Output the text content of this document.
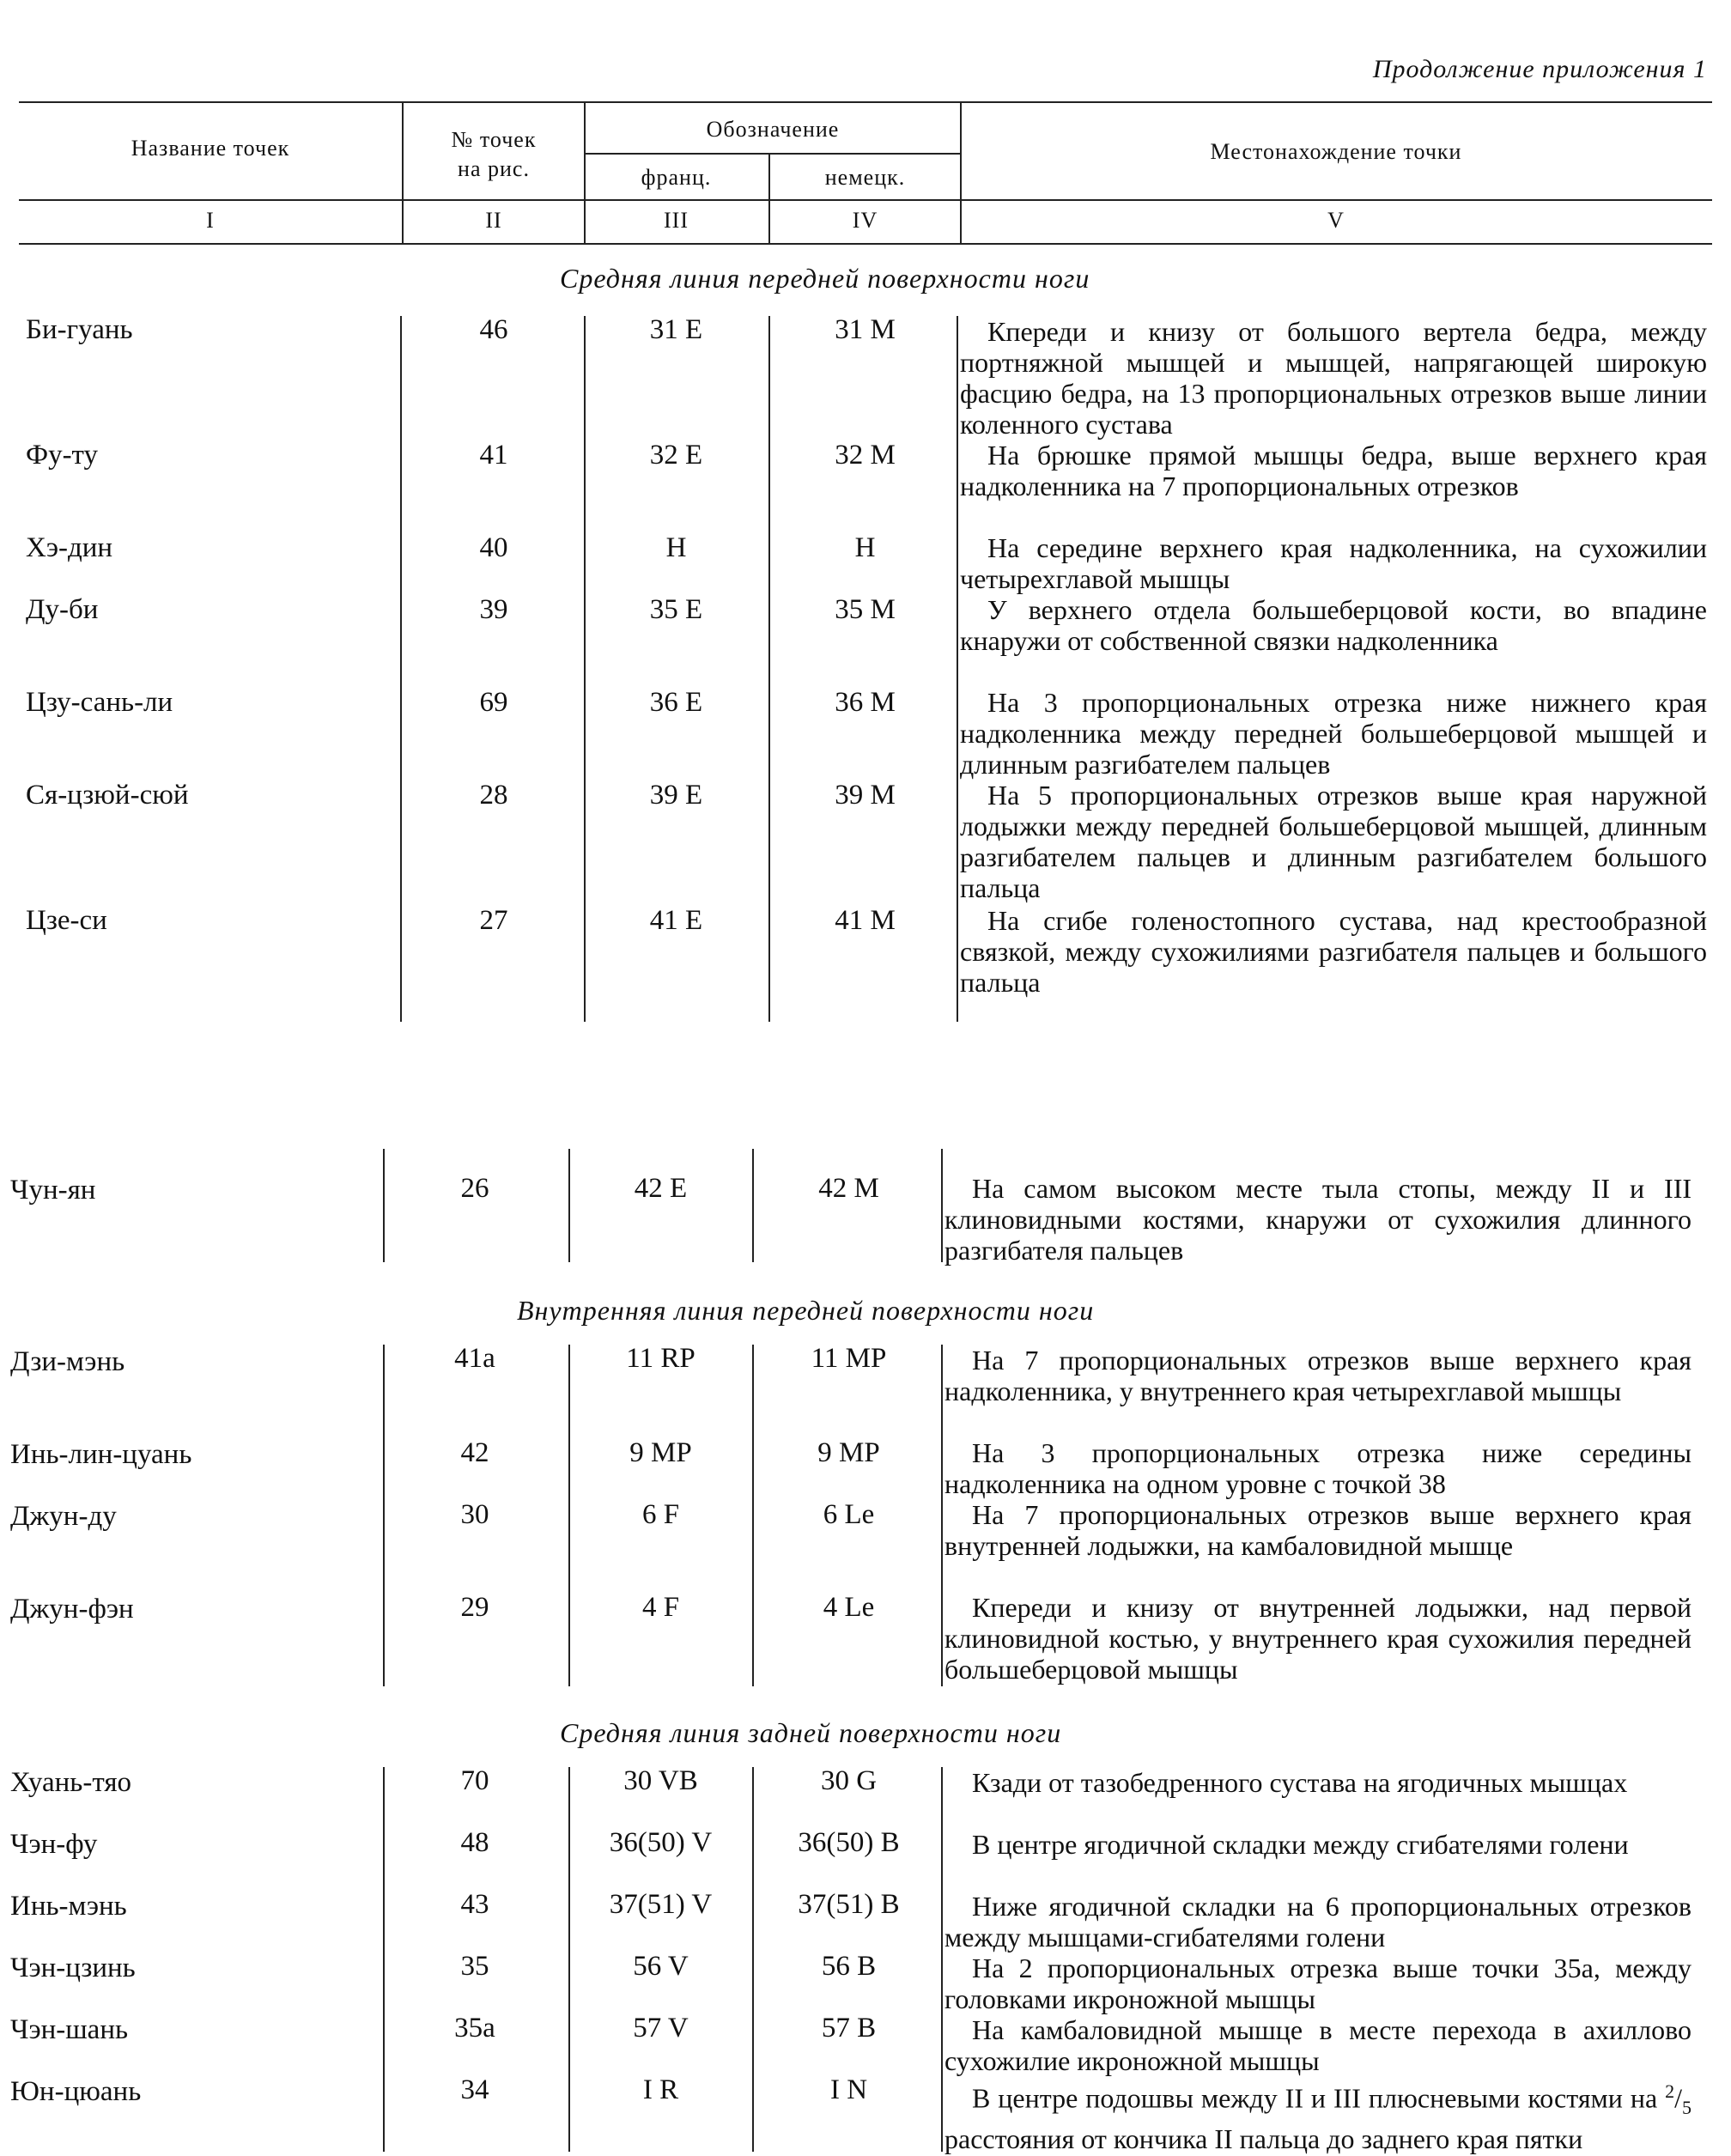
Продолжение приложения 1
Название точек	№ точек
на рис.
Обозначение
франц.	немецк.
Местонахождение точки
I	II	III	IV	V
Средняя линия передней поверхности ноги
Би-гуань	46	31 E	31 M	Кпереди и книзу от большого вертела бедра, между портняжной мышцей и мышцей, напрягающей широкую фасцию бедра, на 13 пропорциональных отрезков выше линии коленного сустава
Фу-ту	41	32 E	32 M	На брюшке прямой мышцы бедра, выше верхнего края надколенника на 7 пропорциональных отрезков
Хэ-дин	40	H	H	На середине верхнего края надколенника, на сухожилии четырехглавой мышцы
Ду-би	39	35 E	35 M	У верхнего отдела большеберцовой кости, во впадине кнаружи от собственной связки надколенника
Цзу-сань-ли	69	36 E	36 M	На 3 пропорциональных отрезка ниже нижнего края надколенника между передней большеберцовой мышцей и длинным разгибателем пальцев
Ся-цзюй-сюй	28	39 E	39 M	На 5 пропорциональных отрезков выше края наружной лодыжки между передней большеберцовой мышцей, длинным разгибателем пальцев и длинным разгибателем большого пальца
Цзе-си	27	41 E	41 M	На сгибе голеностопного сустава, над крестообразной связкой, между сухожилиями разгибателя пальцев и большого пальца
Чун-ян	26	42 E	42 M	На самом высоком месте тыла стопы, между II и III клиновидными костями, кнаружи от сухожилия длинного разгибателя пальцев
Внутренняя линия передней поверхности ноги
Дзи-мэнь	41а	11 RP	11 MP	На 7 пропорциональных отрезков выше верхнего края надколенника, у внутреннего края четырехглавой мышцы
Инь-лин-цуань	42	9 MP	9 MP	На 3 пропорциональных отрезка ниже середины надколенника на одном уровне с точкой 38
Джун-ду	30	6 F	6 Le	На 7 пропорциональных отрезков выше верхнего края внутренней лодыжки, на камбаловидной мышце
Джун-фэн	29	4 F	4 Le	Кпереди и книзу от внутренней лодыжки, над первой клиновидной костью, у внутреннего края сухожилия передней большеберцовой мышцы
Средняя линия задней поверхности ноги
Хуань-тяо	70	30 VB	30 G	Кзади от тазобедренного сустава на ягодичных мышцах
Чэн-фу	48	36(50) V	36(50) B	В центре ягодичной складки между сгибателями голени
Инь-мэнь	43	37(51) V	37(51) B	Ниже ягодичной складки на 6 пропорциональных отрезков между мышцами-сгибателями голени
Чэн-цзинь	35	56 V	56 B	На 2 пропорциональных отрезка выше точки 35а, между головками икроножной мышцы
Чэн-шань	35а	57 V	57 B	На камбаловидной мышце в месте перехода в ахиллово сухожилие икроножной мышцы
Юн-цюань	34	I R	I N	В центре подошвы между II и III плюсневыми костями на $^2/_5$ расстояния от кончика II пальца до заднего края пятки
